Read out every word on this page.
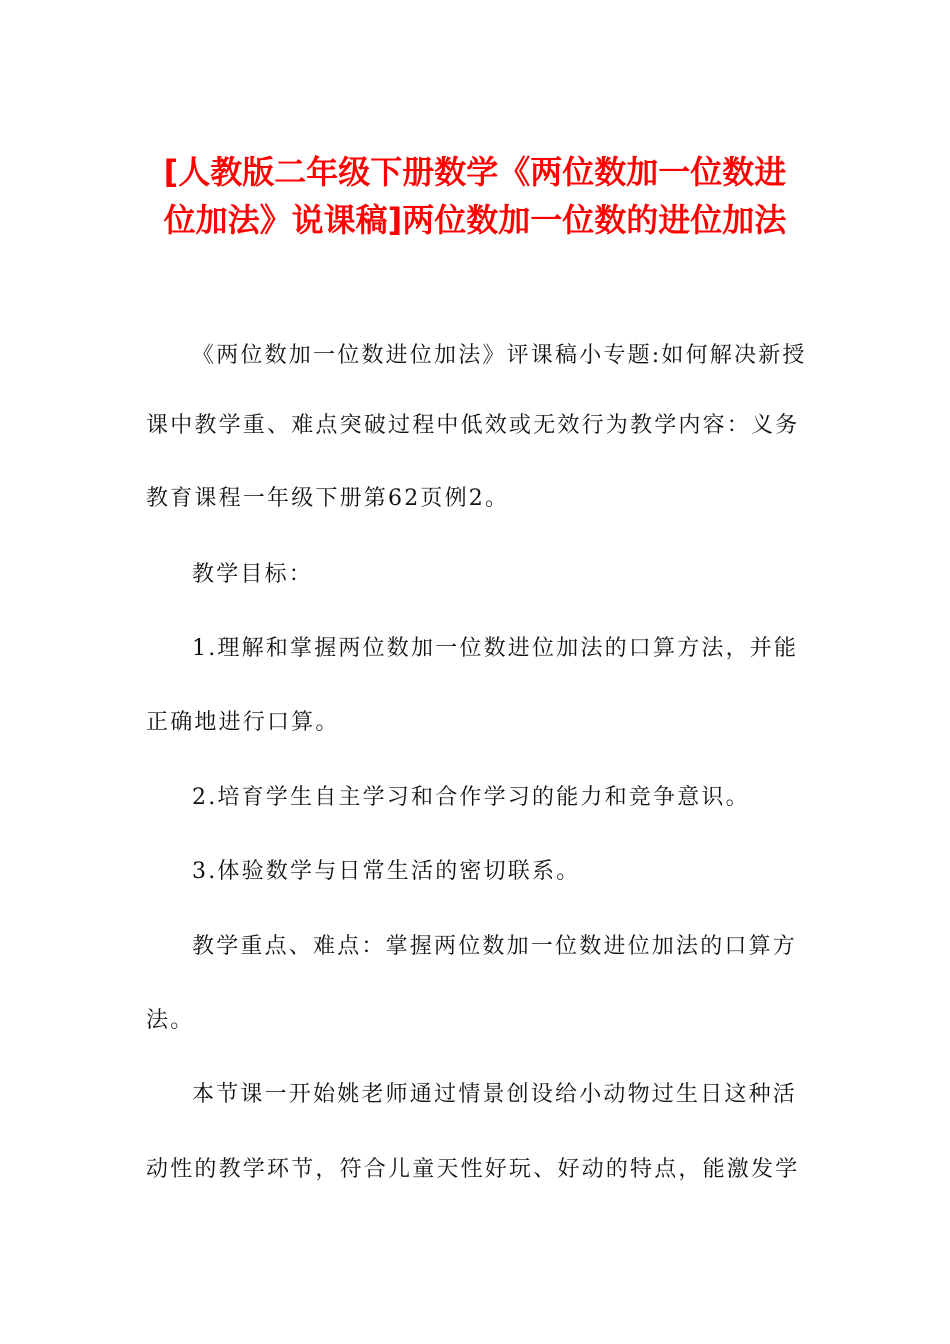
[人教版二年级下册数学《两位数加一位数进
位加法》说课稿]两位数加一位数的进位加法
《两位数加一位数进位加法》评课稿小专题:如何解决新授
课中教学重、难点突破过程中低效或无效行为教学内容：义务
教育课程一年级下册第62页例2。
教学目标：
1.理解和掌握两位数加一位数进位加法的口算方法，并能
正确地进行口算。
2.培育学生自主学习和合作学习的能力和竞争意识。
3.体验数学与日常生活的密切联系。
教学重点、难点：掌握两位数加一位数进位加法的口算方
法。
本节课一开始姚老师通过情景创设给小动物过生日这种活
动性的教学环节，符合儿童天性好玩、好动的特点，能激发学
